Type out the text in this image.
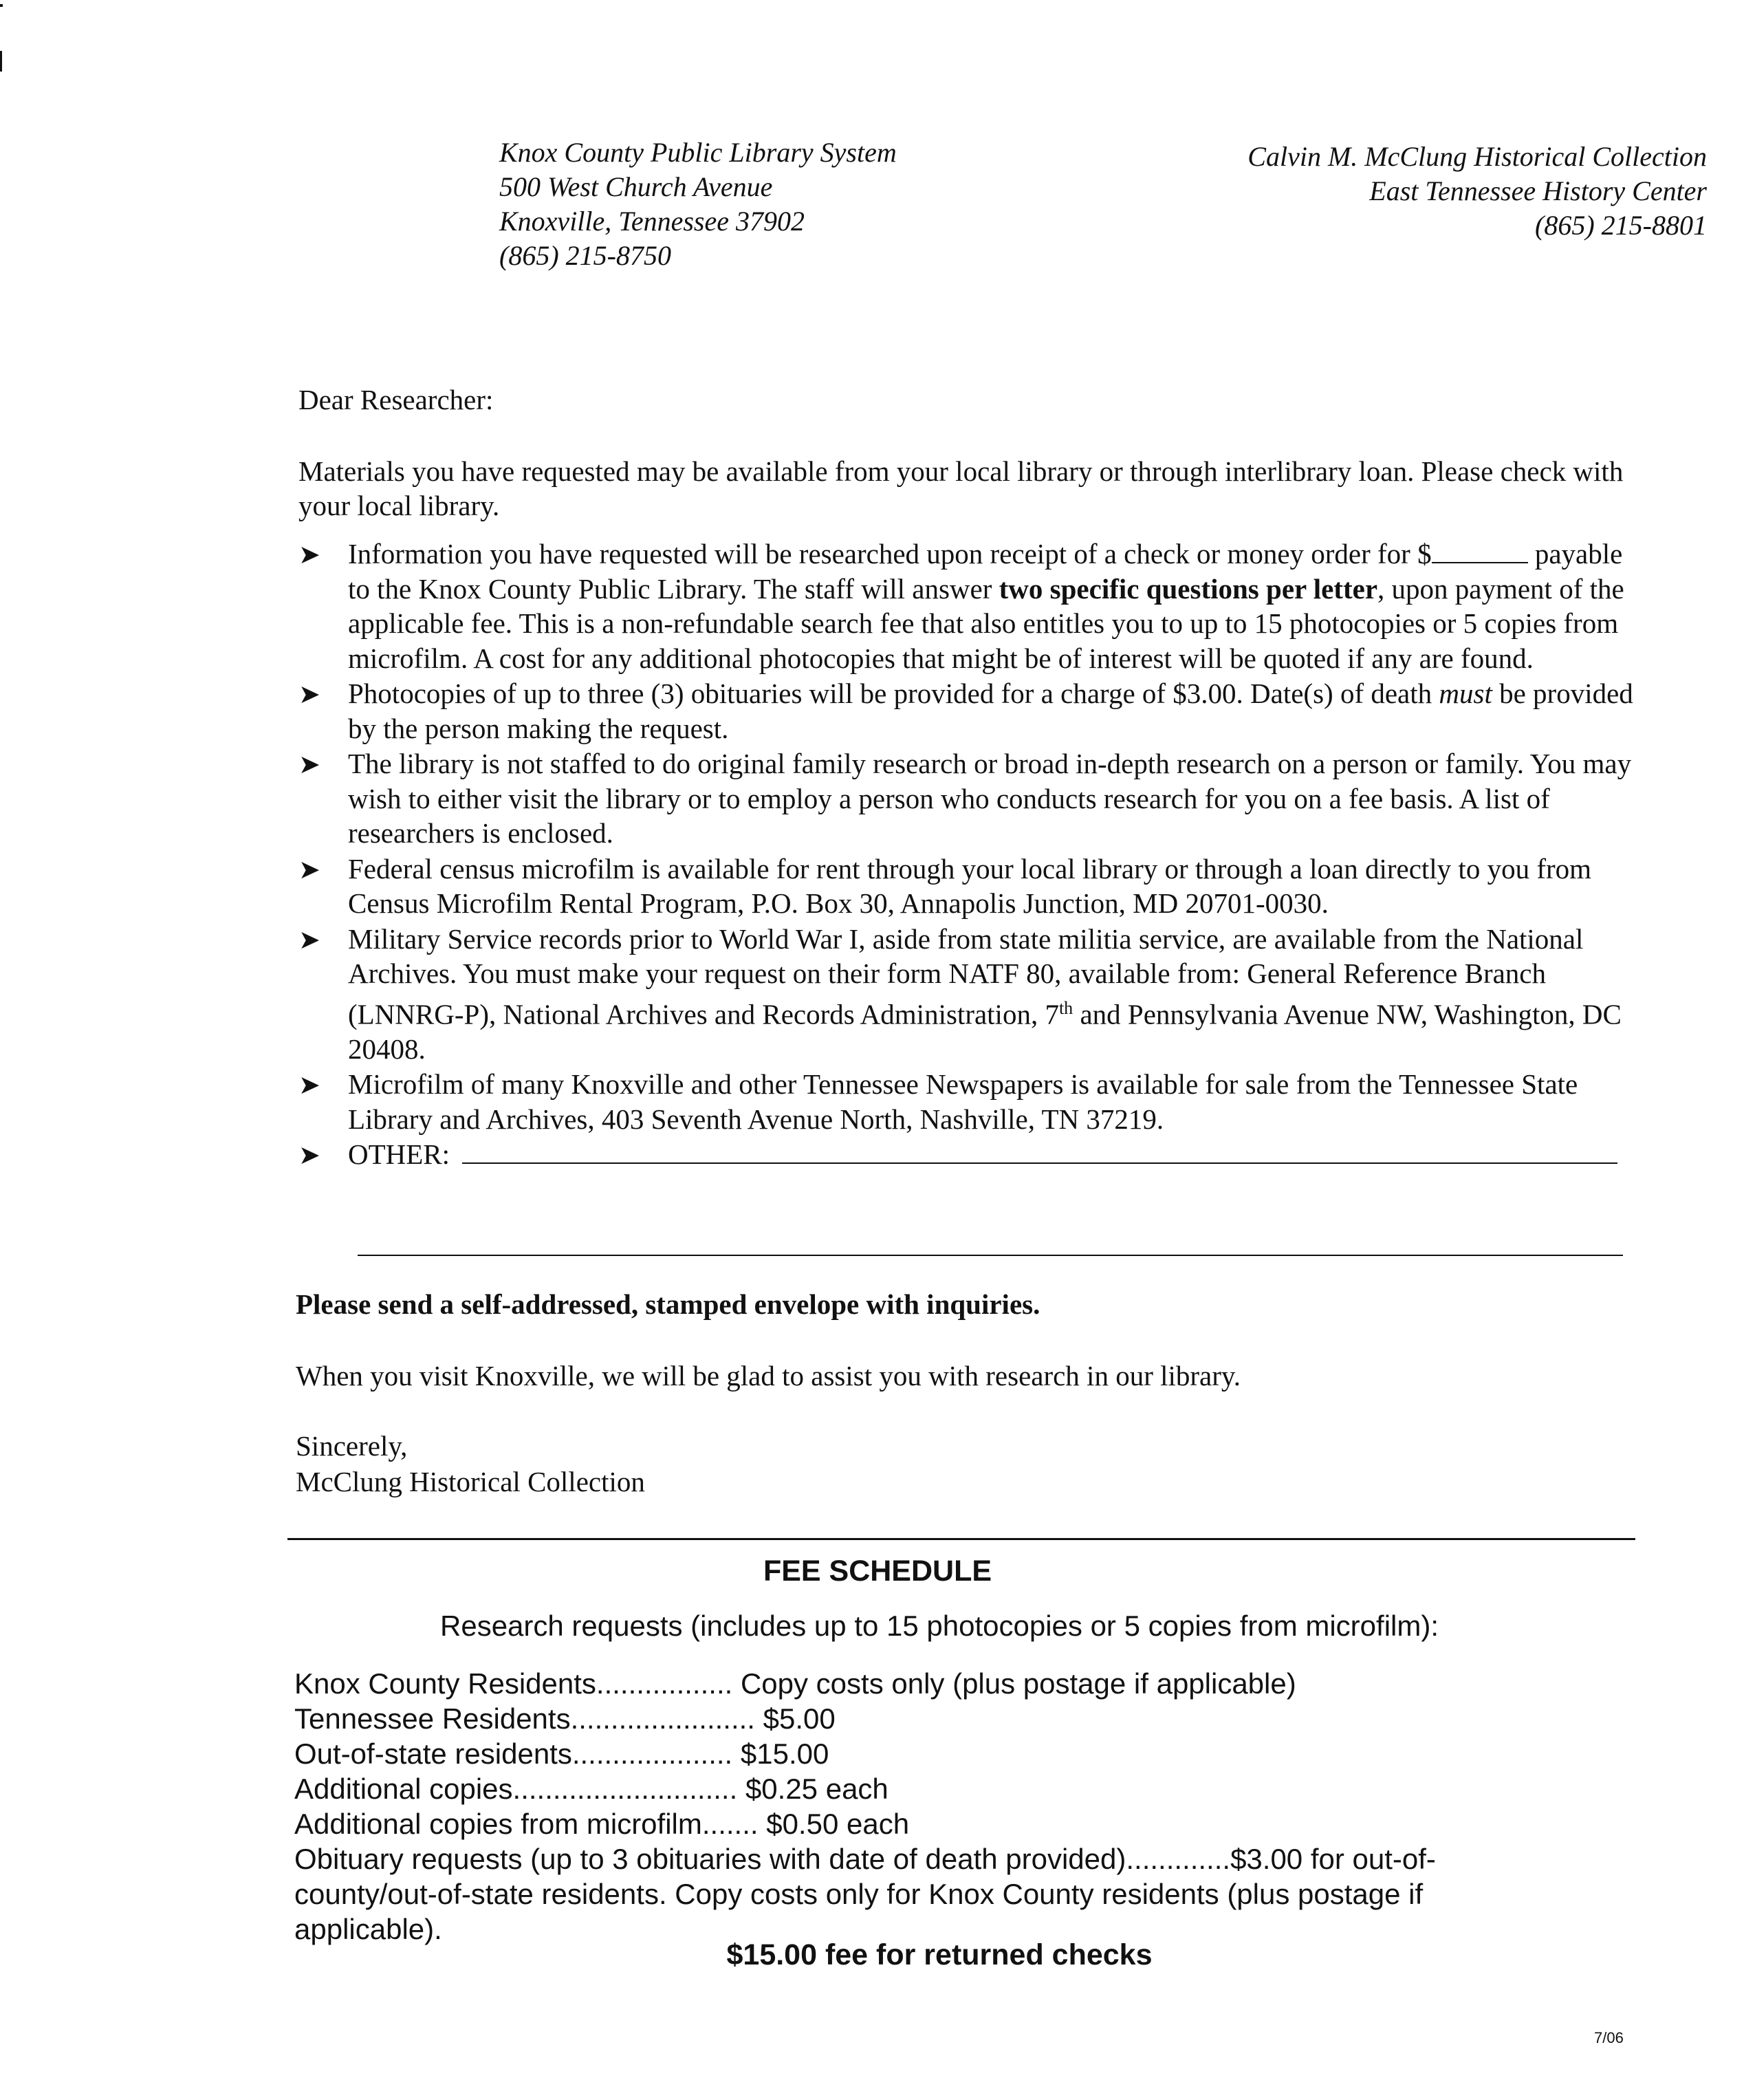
Knox County Public Library System
500 West Church Avenue
Knoxville, Tennessee 37902
(865) 215-8750
Calvin M. McClung Historical Collection
East Tennessee History Center
(865) 215-8801
Dear Researcher:
Materials you have requested may be available from your local library or through interlibrary loan. Please check with your local library.
➤ Information you have requested will be researched upon receipt of a check or money order for $	payable to the Knox County Public Library. The staff will answer two specific questions per letter, upon payment of the applicable fee. This is a non-refundable search fee that also entitles you to up to 15 photocopies or 5 copies from microfilm. A cost for any additional photocopies that might be of interest will be quoted if any are found.
➤ Photocopies of up to three (3) obituaries will be provided for a charge of $3.00. Date(s) of death must be provided by the person making the request.
➤ The library is not staffed to do original family research or broad in-depth research on a person or family. You may wish to either visit the library or to employ a person who conducts research for you on a fee basis. A list of researchers is enclosed.
➤ Federal census microfilm is available for rent through your local library or through a loan directly to you from Census Microfilm Rental Program, P.O. Box 30, Annapolis Junction, MD 20701-0030.
➤ Military Service records prior to World War I, aside from state militia service, are available from the National Archives. You must make your request on their form NATF 80, available from: General Reference Branch (LNNRG-P), National Archives and Records Administration, 7th and Pennsylvania Avenue NW, Washington, DC 20408.
➤ Microfilm of many Knoxville and other Tennessee Newspapers is available for sale from the Tennessee State Library and Archives, 403 Seventh Avenue North, Nashville, TN 37219.
➤ OTHER:
Please send a self-addressed, stamped envelope with inquiries.
When you visit Knoxville, we will be glad to assist you with research in our library.
Sincerely,
McClung Historical Collection
FEE SCHEDULE
Research requests (includes up to 15 photocopies or 5 copies from microfilm):
Knox County Residents................. Copy costs only (plus postage if applicable)
Tennessee Residents....................... $5.00
Out-of-state residents.................... $15.00
Additional copies............................ $0.25 each
Additional copies from microfilm....... $0.50 each
Obituary requests (up to 3 obituaries with date of death provided).............$3.00 for out-of-county/out-of-state residents. Copy costs only for Knox County residents (plus postage if applicable).
$15.00 fee for returned checks
7/06
